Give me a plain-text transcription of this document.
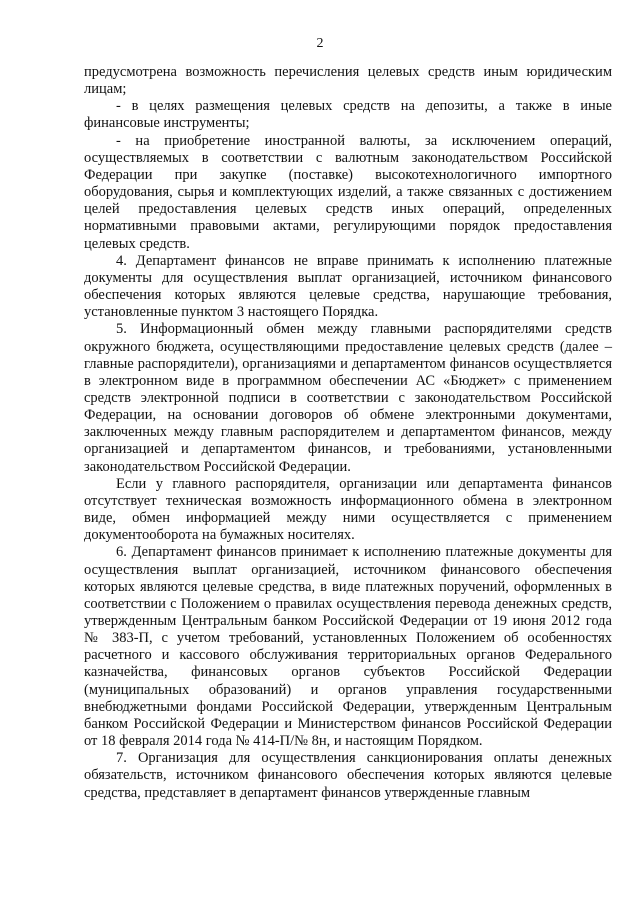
2

предусмотрена возможность перечисления целевых средств иным юридическим лицам;

- в целях размещения целевых средств на депозиты, а также в иные финансовые инструменты;

- на приобретение иностранной валюты, за исключением операций, осуществляемых в соответствии с валютным законодательством Российской Федерации при закупке (поставке) высокотехнологичного импортного оборудования, сырья и комплектующих изделий, а также связанных с достижением целей предоставления целевых средств иных операций, определенных нормативными правовыми актами, регулирующими порядок предоставления целевых средств.

4. Департамент финансов не вправе принимать к исполнению платежные документы для осуществления выплат организацией, источником финансового обеспечения которых являются целевые средства, нарушающие требования, установленные пунктом 3 настоящего Порядка.

5. Информационный обмен между главными распорядителями средств окружного бюджета, осуществляющими предоставление целевых средств (далее – главные распорядители), организациями и департаментом финансов осуществляется в электронном виде в программном обеспечении АС «Бюджет» с применением средств электронной подписи в соответствии с законодательством Российской Федерации, на основании договоров об обмене электронными документами, заключенных между главным распорядителем и департаментом финансов, между организацией и департаментом финансов, и требованиями, установленными законодательством Российской Федерации.

Если у главного распорядителя, организации или департамента финансов отсутствует техническая возможность информационного обмена в электронном виде, обмен информацией между ними осуществляется с применением документооборота на бумажных носителях.

6. Департамент финансов принимает к исполнению платежные документы для осуществления выплат организацией, источником финансового обеспечения которых являются целевые средства, в виде платежных поручений, оформленных в соответствии с Положением о правилах осуществления перевода денежных средств, утвержденным Центральным банком Российской Федерации от 19 июня 2012 года № 383-П, с учетом требований, установленных Положением об особенностях расчетного и кассового обслуживания территориальных органов Федерального казначейства, финансовых органов субъектов Российской Федерации (муниципальных образований) и органов управления государственными внебюджетными фондами Российской Федерации, утвержденным Центральным банком Российской Федерации и Министерством финансов Российской Федерации от 18 февраля 2014 года № 414-П/№ 8н, и настоящим Порядком.

7. Организация для осуществления санкционирования оплаты денежных обязательств, источником финансового обеспечения которых являются целевые средства, представляет в департамент финансов утвержденные главным
